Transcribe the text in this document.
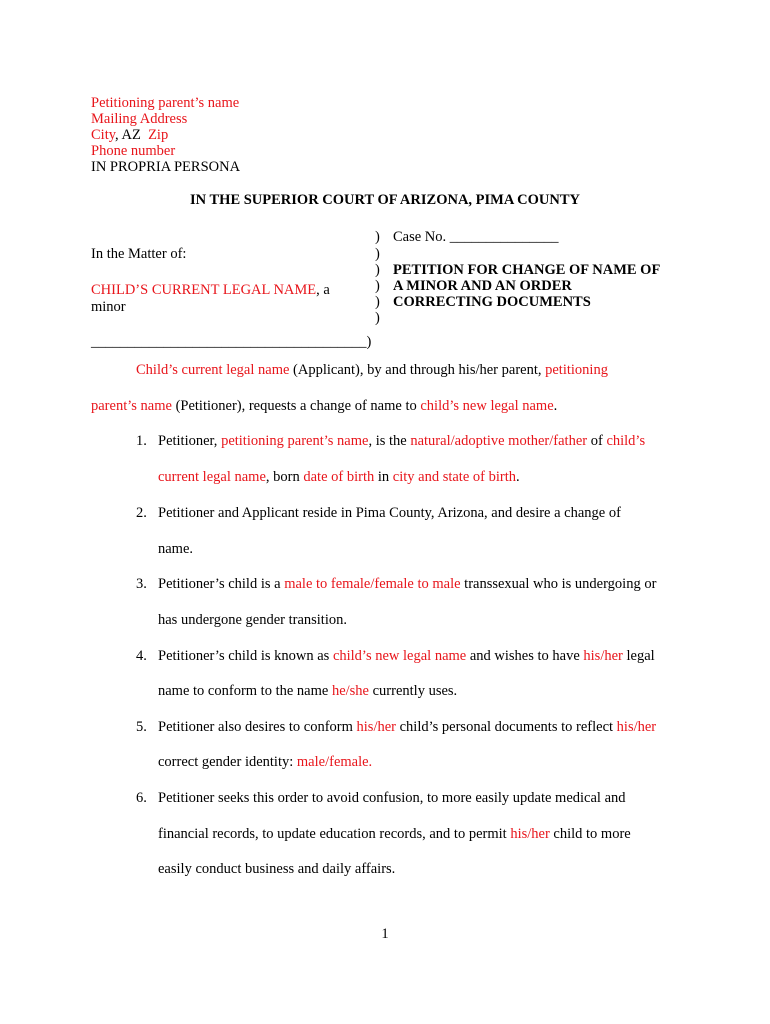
Petitioning parent’s name
Mailing Address
City, AZ  Zip
Phone number
IN PROPRIA PERSONA
IN THE SUPERIOR COURT OF ARIZONA, PIMA COUNTY
In the Matter of:
CHILD’S CURRENT LEGAL NAME, a
minor
______________________________________)
)
)
)
)
)
)
Case No. _______________
PETITION FOR CHANGE OF NAME OF
A MINOR AND AN ORDER
CORRECTING DOCUMENTS
Child’s current legal name (Applicant), by and through his/her parent, petitioning
parent’s name (Petitioner), requests a change of name to child’s new legal name.
1. Petitioner, petitioning parent’s name, is the natural/adoptive mother/father of child’s
current legal name, born date of birth in city and state of birth.
2. Petitioner and Applicant reside in Pima County, Arizona, and desire a change of
name.
3. Petitioner’s child is a male to female/female to male transsexual who is undergoing or
has undergone gender transition.
4. Petitioner’s child is known as child’s new legal name and wishes to have his/her legal
name to conform to the name he/she currently uses.
5. Petitioner also desires to conform his/her child’s personal documents to reflect his/her
correct gender identity: male/female.
6. Petitioner seeks this order to avoid confusion, to more easily update medical and
financial records, to update education records, and to permit his/her child to more
easily conduct business and daily affairs.
1
